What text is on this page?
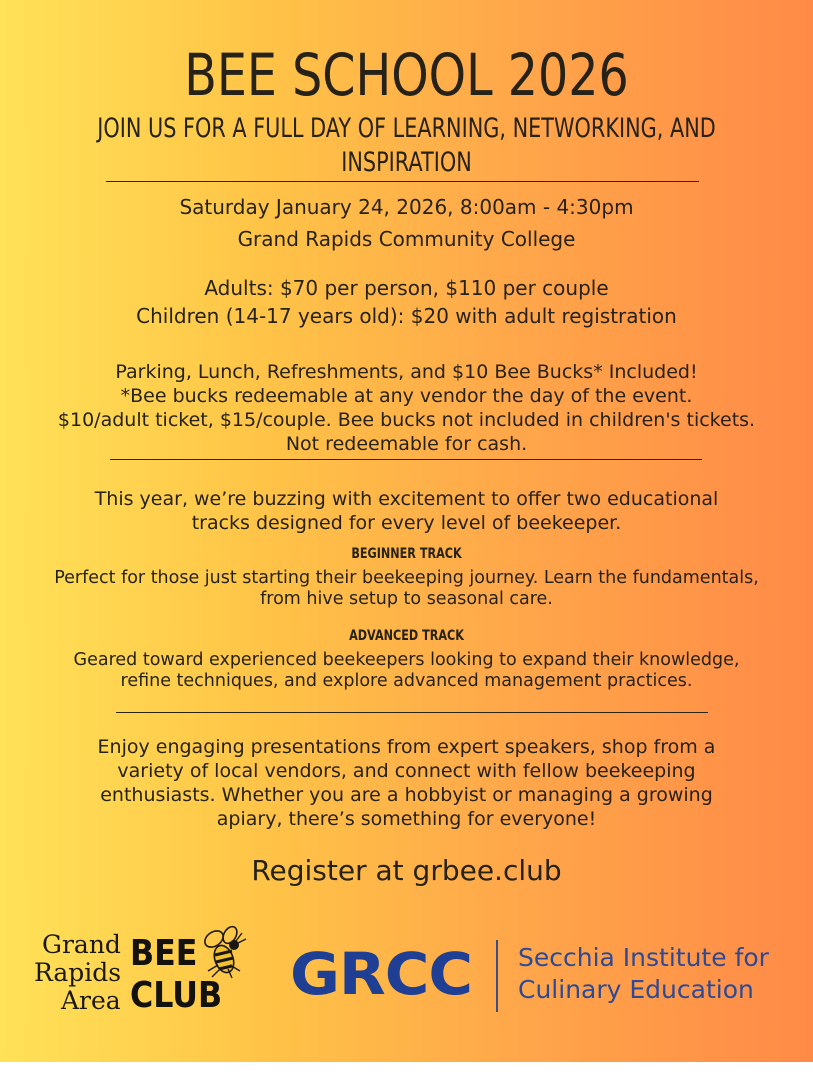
BEE SCHOOL 2026
JOIN US FOR A FULL DAY OF LEARNING, NETWORKING, AND INSPIRATION
Saturday January 24, 2026, 8:00am - 4:30pm
Grand Rapids Community College
Adults: $70 per person, $110 per couple
Children (14-17 years old): $20 with adult registration
Parking, Lunch, Refreshments, and $10 Bee Bucks* Included!
*Bee bucks redeemable at any vendor the day of the event.
$10/adult ticket, $15/couple. Bee bucks not included in children's tickets.
Not redeemable for cash.
This year, we’re buzzing with excitement to offer two educational
tracks designed for every level of beekeeper.
BEGINNER TRACK
Perfect for those just starting their beekeeping journey. Learn the fundamentals,
from hive setup to seasonal care.
ADVANCED TRACK
Geared toward experienced beekeepers looking to expand their knowledge,
refine techniques, and explore advanced management practices.
Enjoy engaging presentations from expert speakers, shop from a
variety of local vendors, and connect with fellow beekeeping
enthusiasts. Whether you are a hobbyist or managing a growing
apiary, there’s something for everyone!
Register at grbee.club
Grand
Rapids
Area
BEE
CLUB GRCC Secchia Institute for
Culinary Education
